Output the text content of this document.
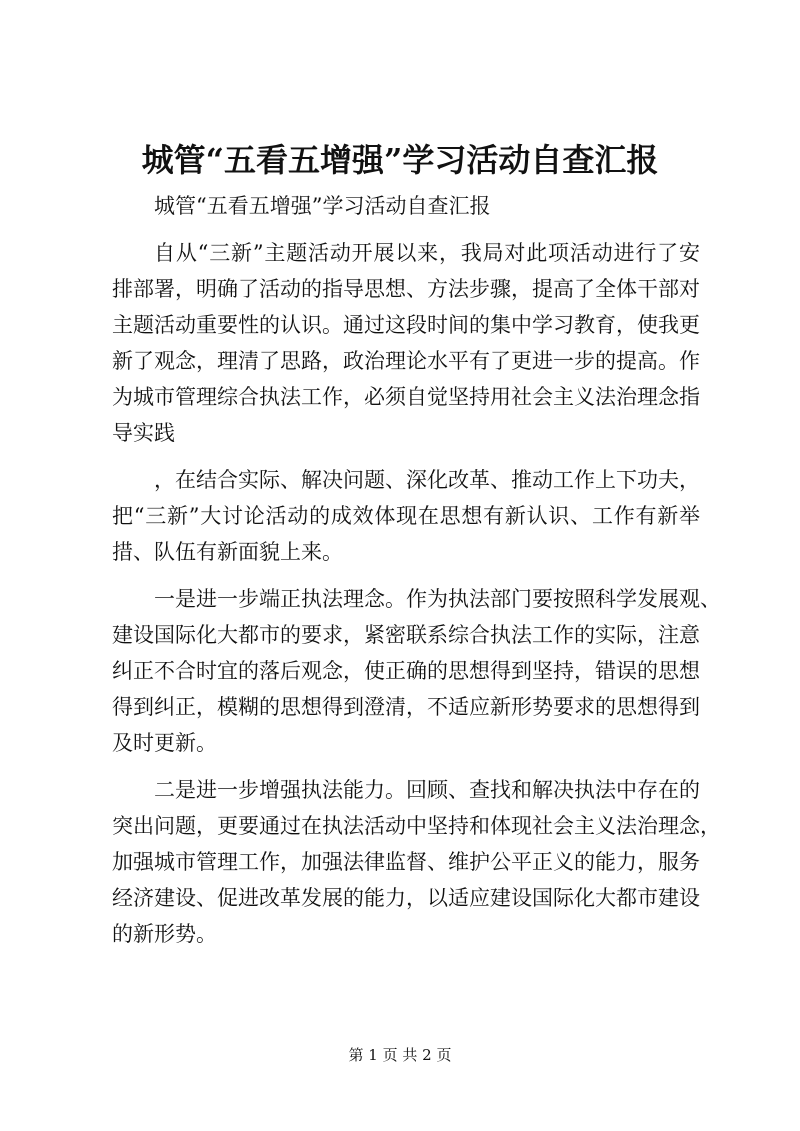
城管“五看五增强”学习活动自查汇报
城管“五看五增强”学习活动自查汇报
自从“三新”主题活动开展以来，我局对此项活动进行了安
排部署，明确了活动的指导思想、方法步骤，提高了全体干部对
主题活动重要性的认识。通过这段时间的集中学习教育，使我更
新了观念，理清了思路，政治理论水平有了更进一步的提高。作
为城市管理综合执法工作，必须自觉坚持用社会主义法治理念指
导实践
，在结合实际、解决问题、深化改革、推动工作上下功夫，
把“三新”大讨论活动的成效体现在思想有新认识、工作有新举
措、队伍有新面貌上来。
一是进一步端正执法理念。作为执法部门要按照科学发展观、
建设国际化大都市的要求，紧密联系综合执法工作的实际，注意
纠正不合时宜的落后观念，使正确的思想得到坚持，错误的思想
得到纠正，模糊的思想得到澄清，不适应新形势要求的思想得到
及时更新。
二是进一步增强执法能力。回顾、查找和解决执法中存在的
突出问题，更要通过在执法活动中坚持和体现社会主义法治理念，
加强城市管理工作，加强法律监督、维护公平正义的能力，服务
经济建设、促进改革发展的能力，以适应建设国际化大都市建设
的新形势。
第 1 页 共 2 页
